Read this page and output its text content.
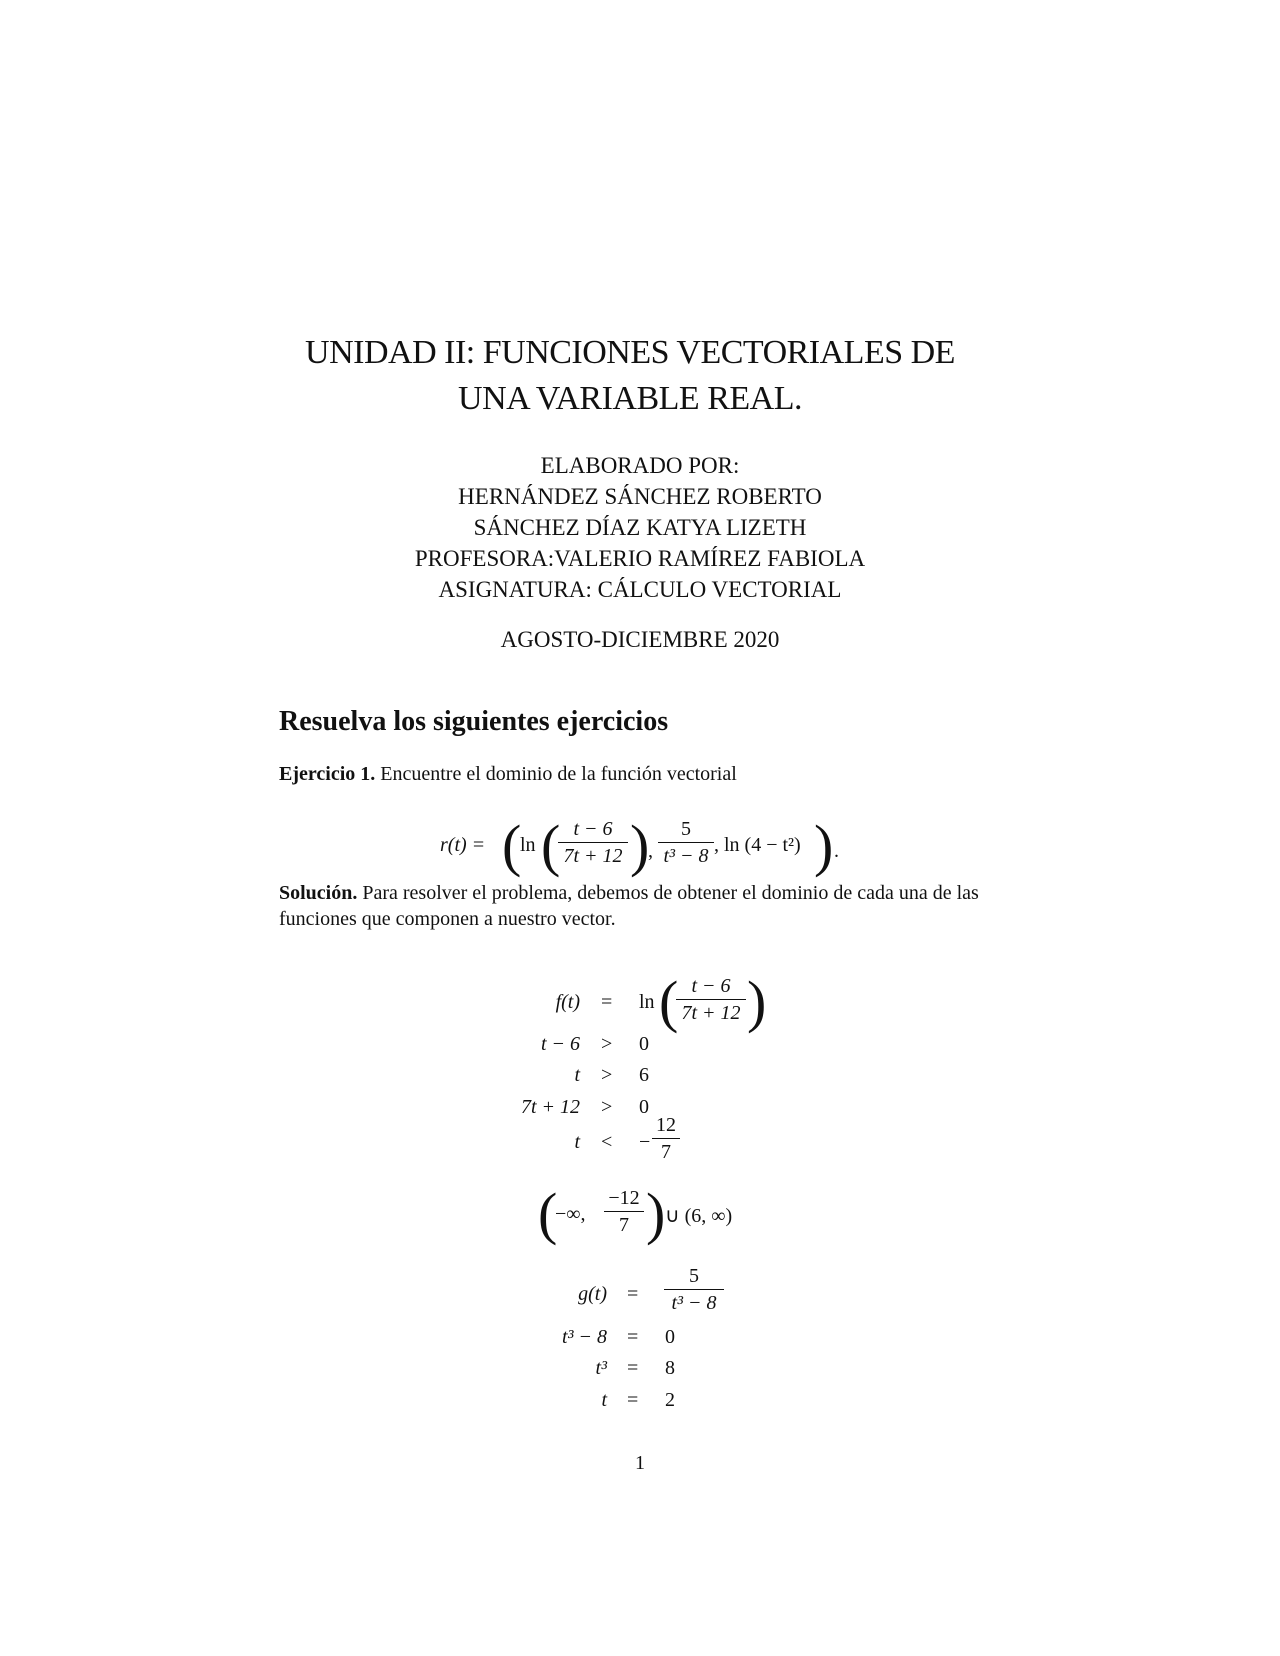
UNIDAD II: FUNCIONES VECTORIALES DE
UNA VARIABLE REAL.
ELABORADO POR:
HERNÁNDEZ SÁNCHEZ ROBERTO
SÁNCHEZ DÍAZ KATYA LIZETH
PROFESORA:VALERIO RAMÍREZ FABIOLA
ASIGNATURA: CÁLCULO VECTORIAL
AGOSTO-DICIEMBRE 2020
Resuelva los siguientes ejercicios
Ejercicio 1. Encuentre el dominio de la función vectorial
r(t) = (
ln ( t − 6
7t + 12 )
,
5
t³ − 8 , ln (4 − t²) ) .
Solución. Para resolver el problema, debemos de obtener el dominio de cada una de las funciones que componen a nuestro vector.
f(t) = ln ( t − 6
7t + 12 )
t − 6 > 0
t > 6
7t + 12 > 0
t < −
12
7
(
−∞,
−12
7 ) ∪ (6, ∞)
g(t) =
5
t³ − 8
t³ − 8 = 0
t³ = 8
t = 2
1
